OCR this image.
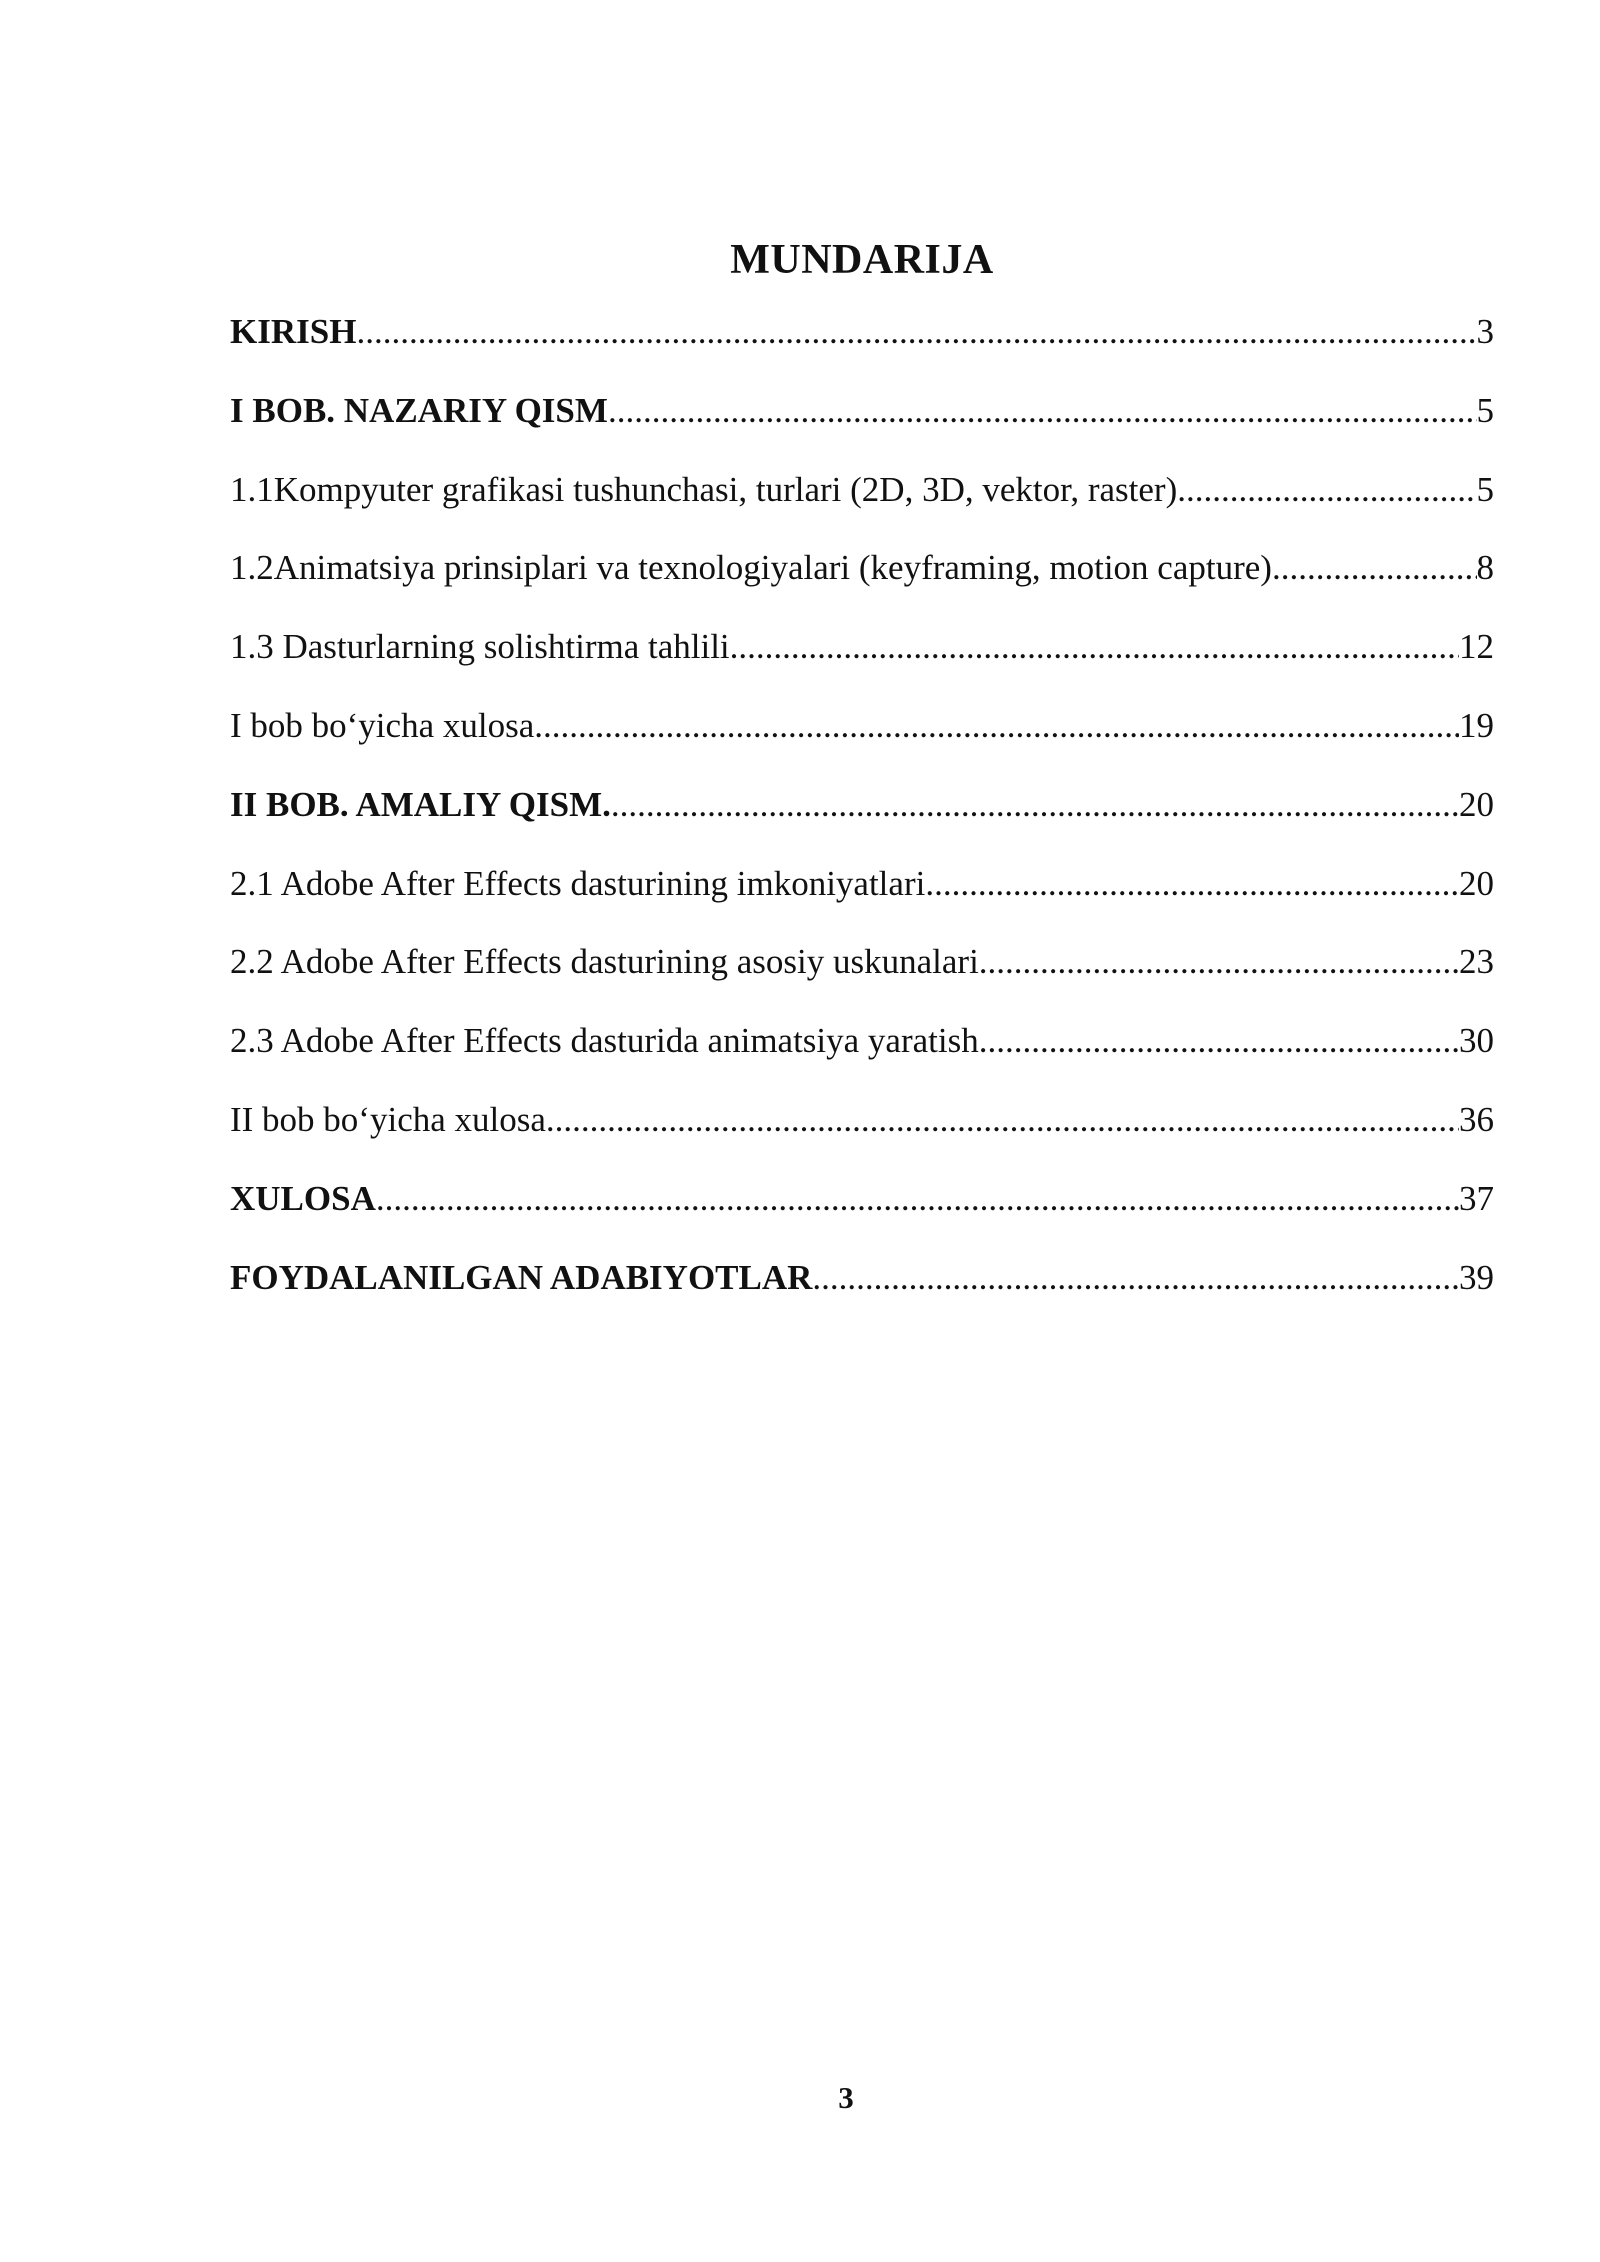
MUNDARIJA
KIRISH .....	3
I BOB. NAZARIY QISM .....	5
1.1Kompyuter grafikasi tushunchasi, turlari (2D, 3D, vektor, raster) .....	5
1.2Animatsiya prinsiplari va texnologiyalari (keyframing, motion capture) .....	8
1.3 Dasturlarning solishtirma tahlili .....	12
I bob bo‘yicha xulosa .....	19
II BOB. AMALIY QISM. .....	20
2.1 Adobe After Effects dasturining imkoniyatlari .....	20
2.2 Adobe After Effects dasturining asosiy uskunalari .....	23
2.3 Adobe After Effects dasturida animatsiya yaratish .....	30
II bob bo‘yicha xulosa .....	36
XULOSA .....	37
FOYDALANILGAN ADABIYOTLAR .....	39
3
